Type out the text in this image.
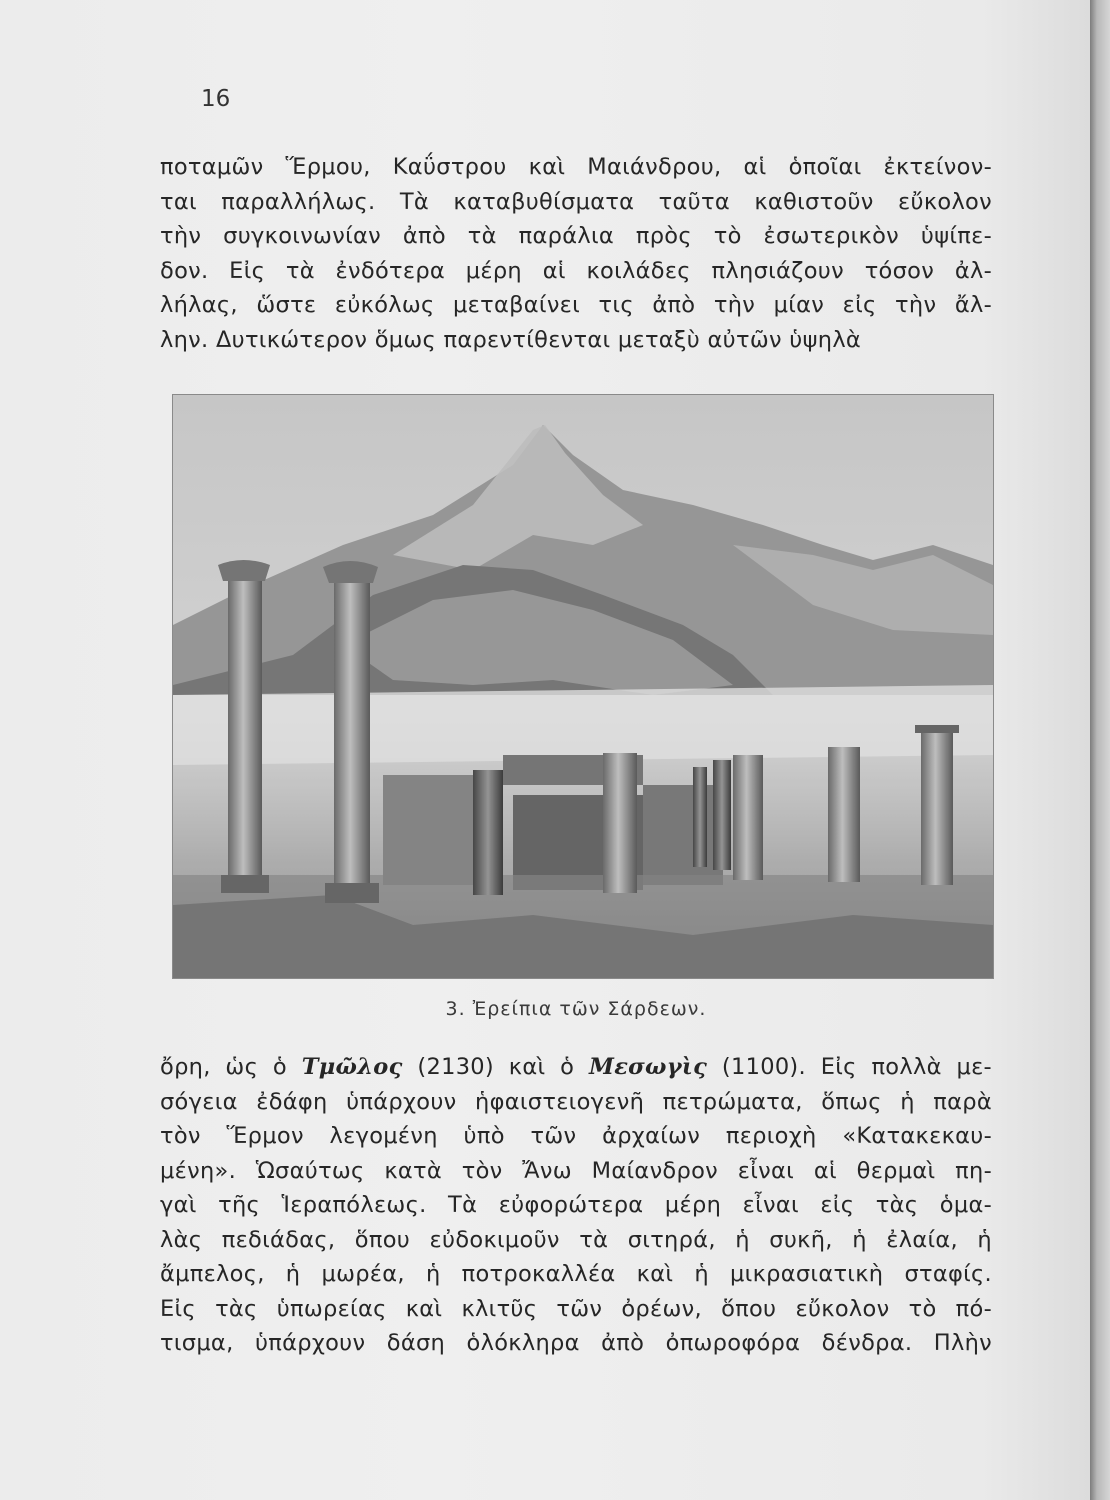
16
ποταμῶν Ἕρμου, Καΰστρου καὶ Μαιάνδρου, αἱ ὁποῖαι ἐκτείνον-
ται παραλλήλως. Τὰ καταβυθίσματα ταῦτα καθιστοῦν εὔκολον
τὴν συγκοινωνίαν ἀπὸ τὰ παράλια πρὸς τὸ ἐσωτερικὸν ὑψίπε-
δον. Εἰς τὰ ἐνδότερα μέρη αἱ κοιλάδες πλησιάζουν τόσον ἀλ-
λήλας, ὥστε εὐκόλως μεταβαίνει τις ἀπὸ τὴν μίαν εἰς τὴν ἄλ-
λην. Δυτικώτερον ὅμως παρεντίθενται μεταξὺ αὐτῶν ὑψηλὰ
3. Ἐρείπια τῶν Σάρδεων.
ὄρη, ὡς ὁ Τμῶλος (2130) καὶ ὁ Μεσωγὶς (1100). Εἰς πολλὰ με-
σόγεια ἐδάφη ὑπάρχουν ἡφαιστειογενῆ πετρώματα, ὅπως ἡ παρὰ
τὸν Ἕρμον λεγομένη ὑπὸ τῶν ἀρχαίων περιοχὴ «Κατακεκαυ-
μένη». Ὡσαύτως κατὰ τὸν Ἄνω Μαίανδρον εἶναι αἱ θερμαὶ πη-
γαὶ τῆς Ἱεραπόλεως. Τὰ εὐφορώτερα μέρη εἶναι εἰς τὰς ὁμα-
λὰς πεδιάδας, ὅπου εὐδοκιμοῦν τὰ σιτηρά, ἡ συκῆ, ἡ ἐλαία, ἡ
ἄμπελος, ἡ μωρέα, ἡ ποτροκαλλέα καὶ ἡ μικρασιατικὴ σταφίς.
Εἰς τὰς ὑπωρείας καὶ κλιτῦς τῶν ὀρέων, ὅπου εὔκολον τὸ πό-
τισμα, ὑπάρχουν δάση ὁλόκληρα ἀπὸ ὀπωροφόρα δένδρα. Πλὴν
